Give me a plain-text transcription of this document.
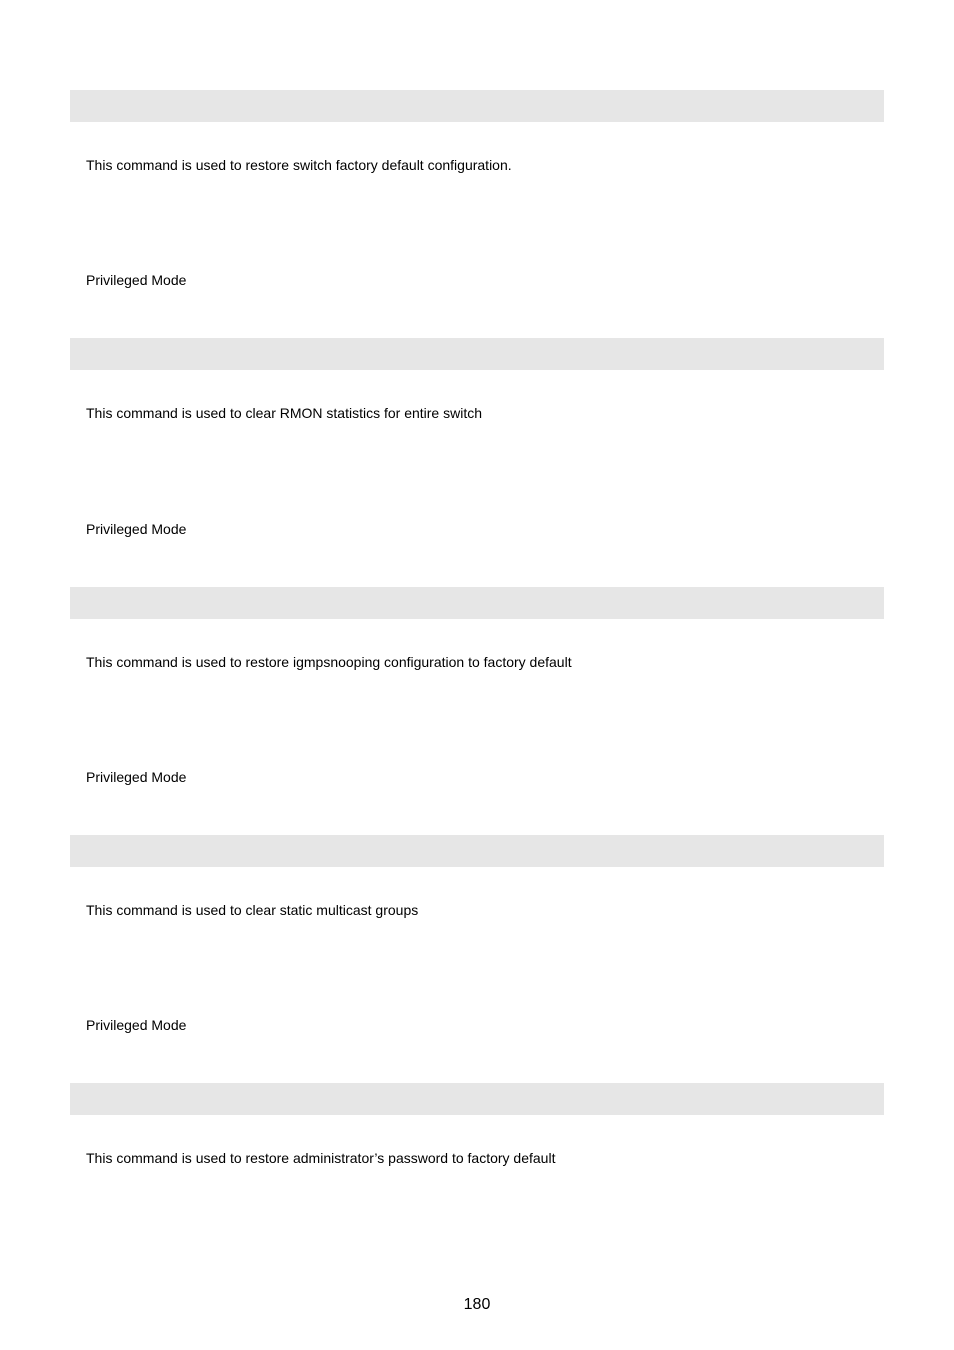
This command is used to restore switch factory default configuration.
Privileged Mode
This command is used to clear RMON statistics for entire switch
Privileged Mode
This command is used to restore igmpsnooping configuration to factory default
Privileged Mode
This command is used to clear static multicast groups
Privileged Mode
This command is used to restore administrator’s password to factory default
180
